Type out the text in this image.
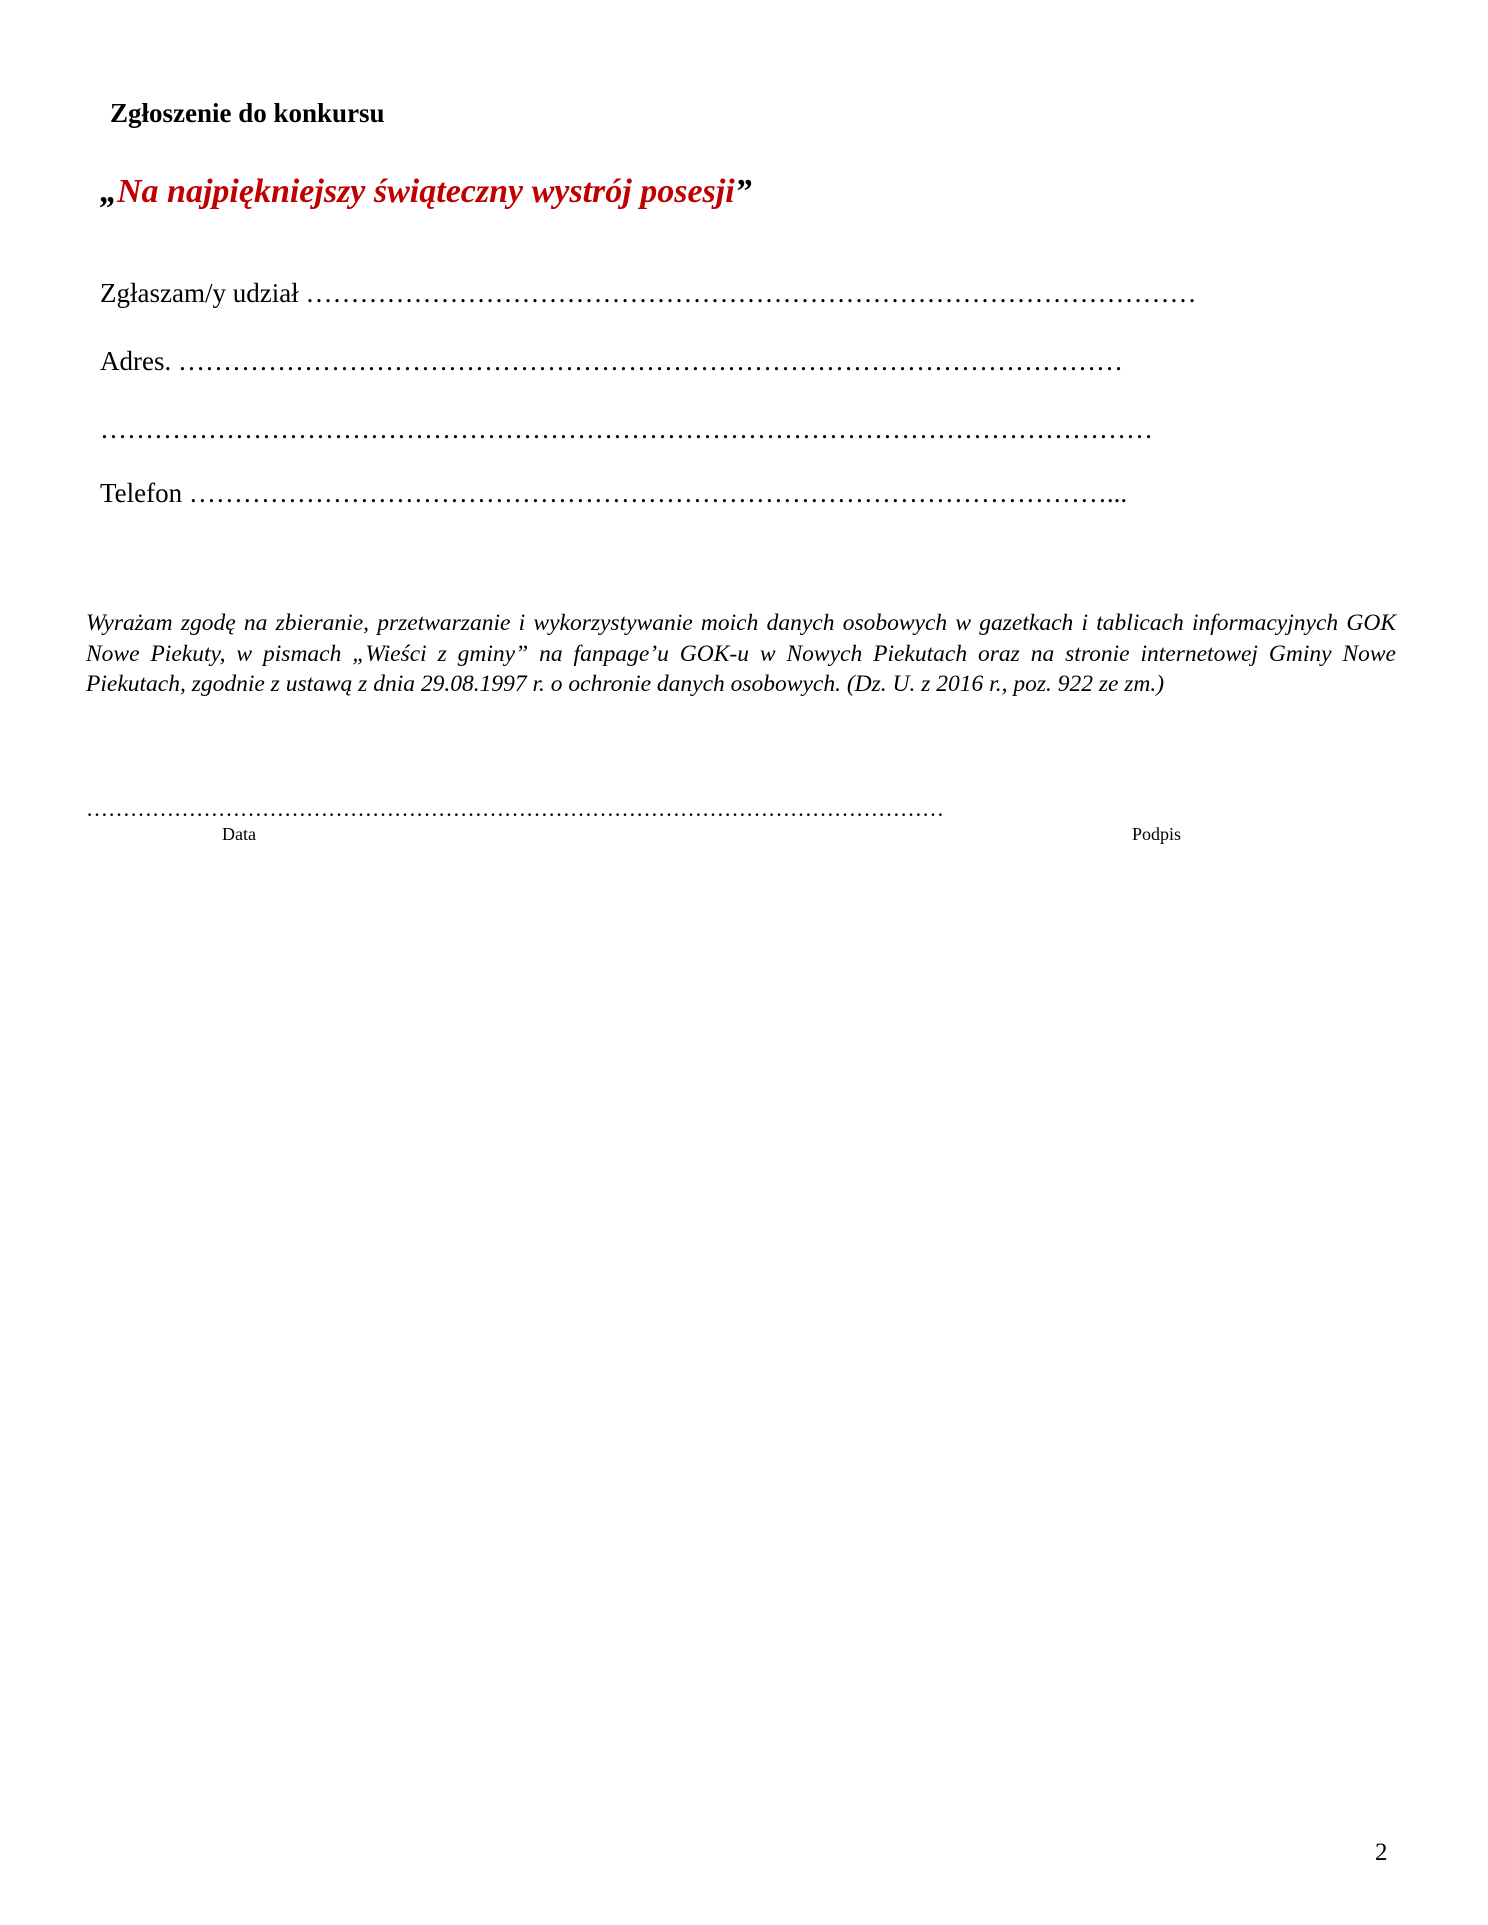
Zgłoszenie do konkursu
„Na najpiękniejszy świąteczny wystrój posesji”
Zgłaszam/y udział ………………………………………………………………………………………
Adres. ……………………………………………………………………………………………
………………………………………………………………………………………………………
Telefon …………………………………………………………………………………………...
Wyrażam zgodę na zbieranie, przetwarzanie i wykorzystywanie moich danych osobowych w gazetkach i tablicach informacyjnych GOK Nowe Piekuty, w pismach „Wieści z gminy” na fanpage’u GOK-u w Nowych Piekutach oraz na stronie internetowej Gminy Nowe Piekutach, zgodnie z ustawą z dnia 29.08.1997 r. o ochronie danych osobowych. (Dz. U. z 2016 r., poz. 922 ze zm.)
………………………………………………………………………………………………………
Data	Podpis
2
